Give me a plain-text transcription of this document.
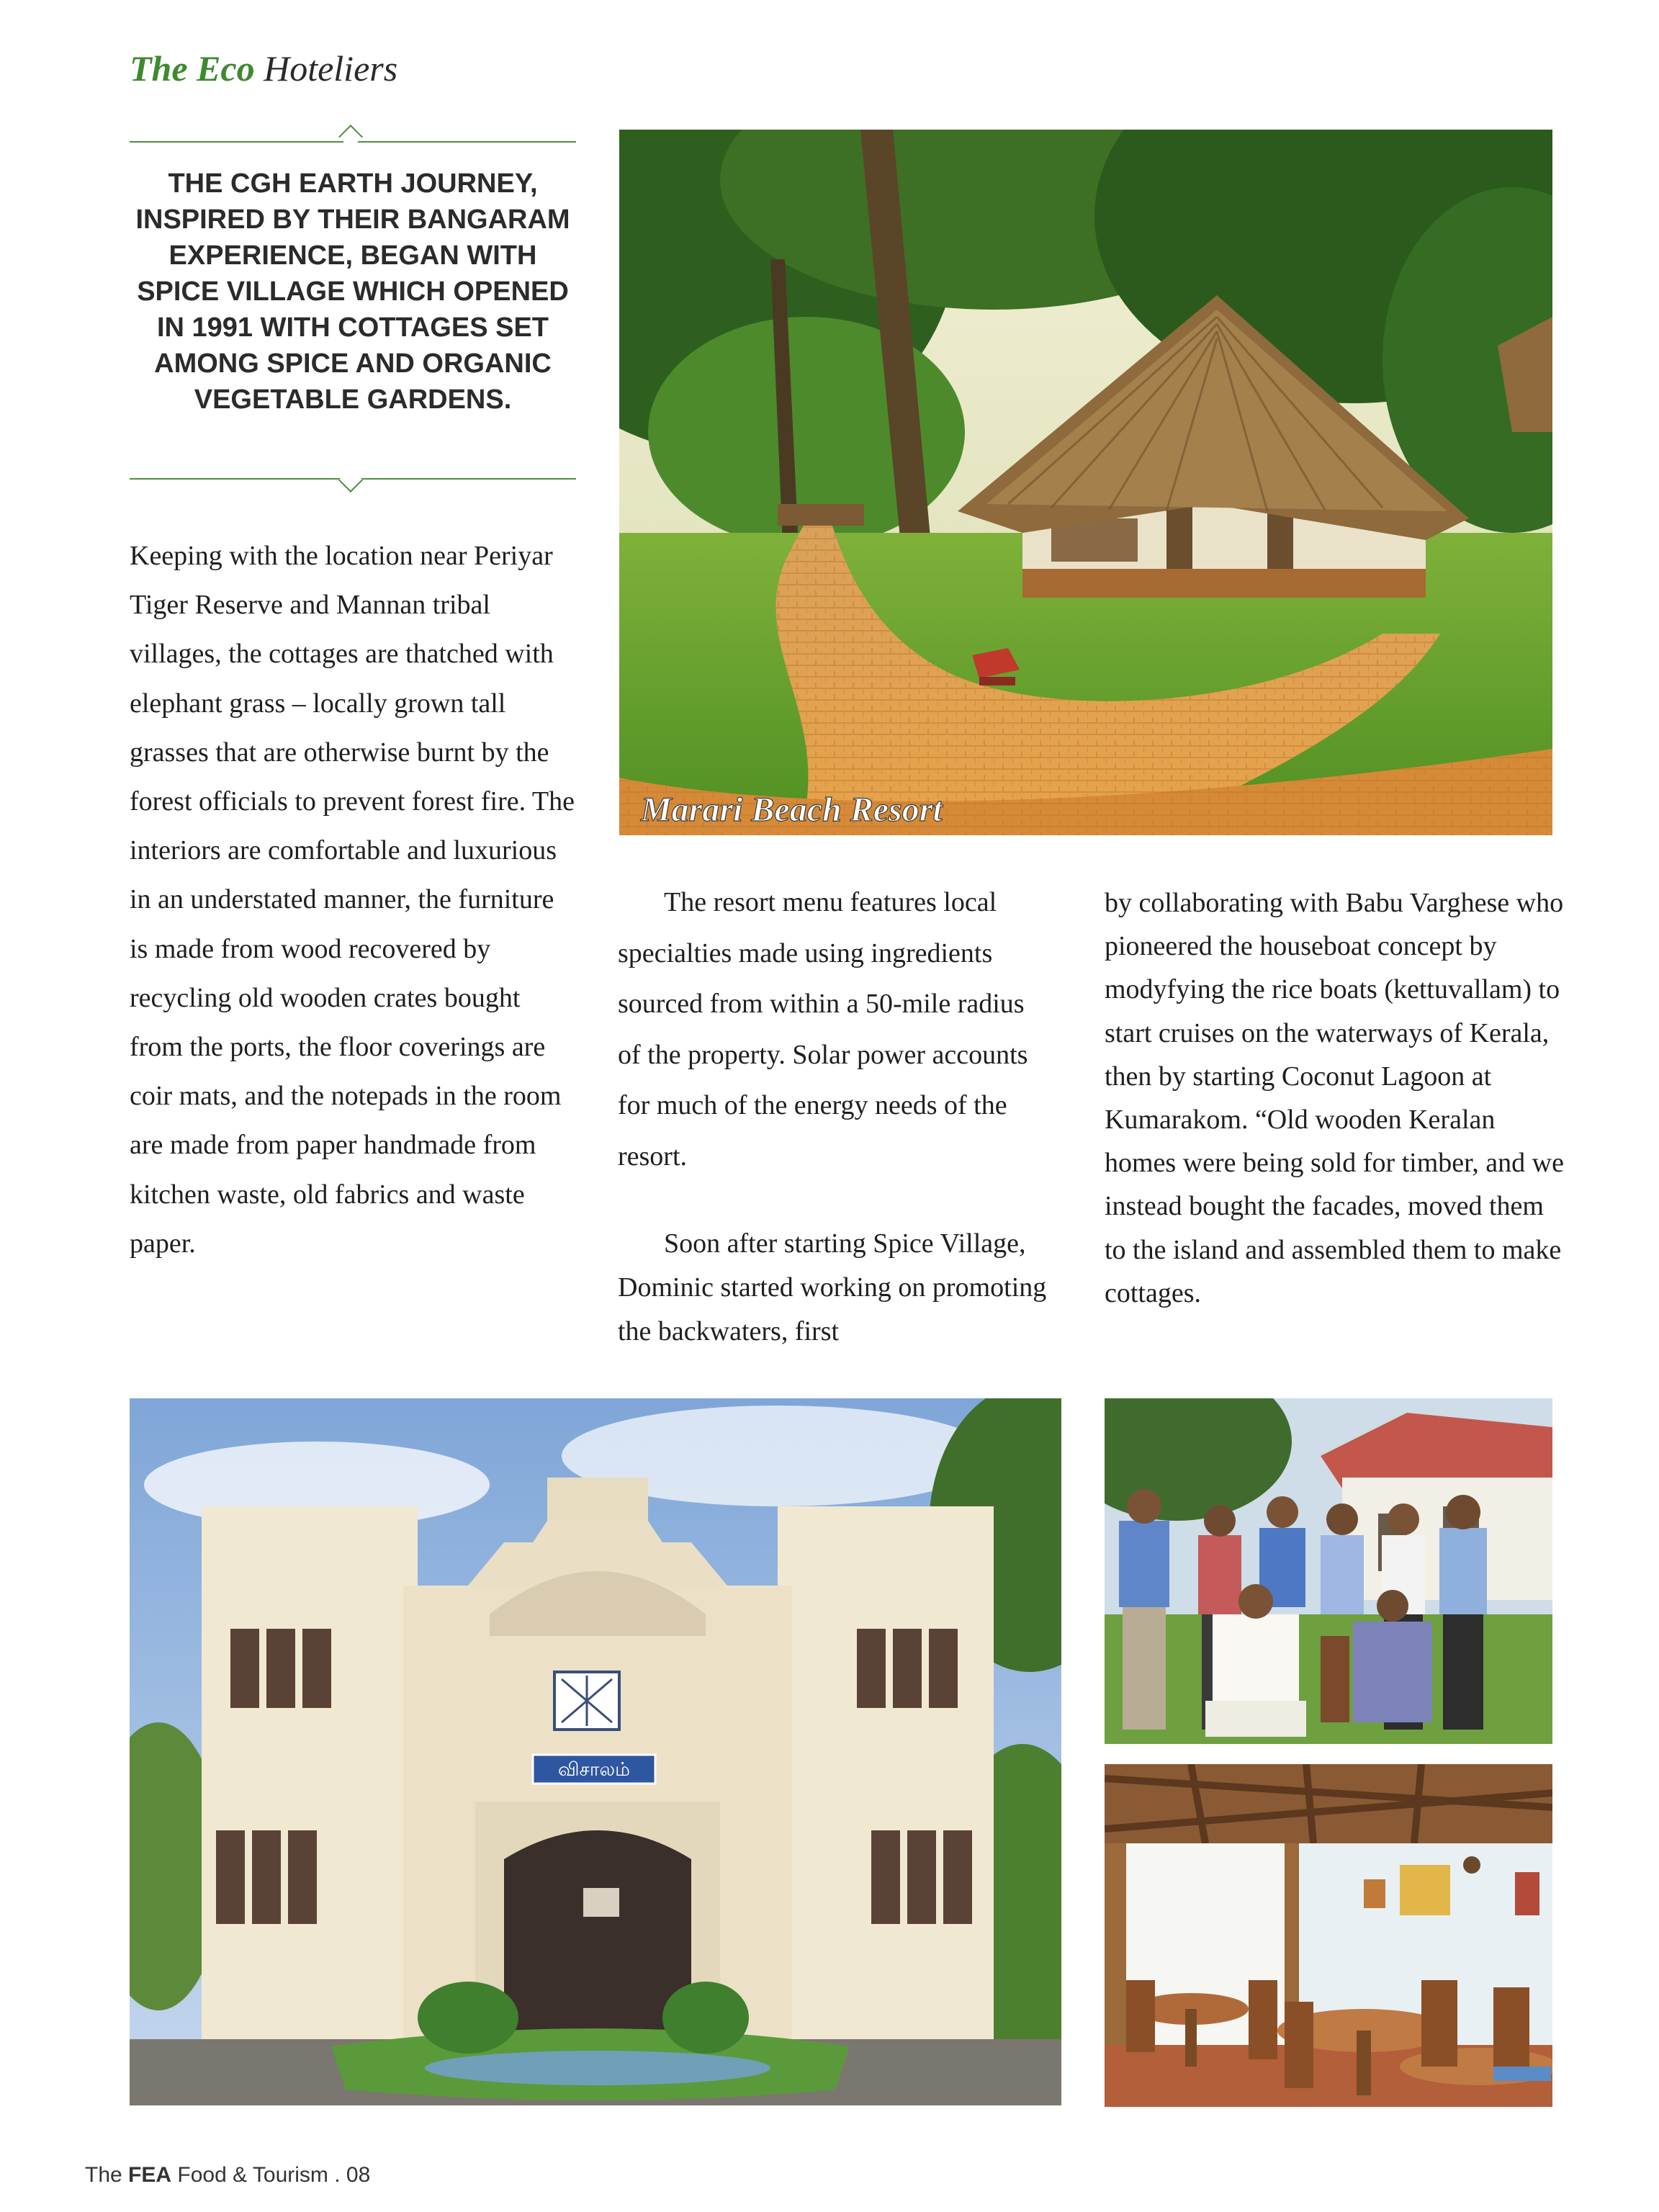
The Eco Hoteliers
THE CGH EARTH JOURNEY, INSPIRED BY THEIR BANGARAM EXPERIENCE, BEGAN WITH SPICE VILLAGE WHICH OPENED IN 1991 WITH COTTAGES SET AMONG SPICE AND ORGANIC VEGETABLE GARDENS.

Keeping with the location near Periyar Tiger Reserve and Mannan tribal villages, the cottages are thatched with elephant grass – locally grown tall grasses that are otherwise burnt by the forest officials to prevent forest fire. The interiors are comfortable and luxurious in an understated manner, the furniture is made from wood recovered by recycling old wooden crates bought from the ports, the floor coverings are coir mats, and the notepads in the room are made from paper handmade from kitchen waste, old fabrics and waste paper.

Marari Beach Resort

The resort menu features local specialties made using ingredients sourced from within a 50-mile radius of the property. Solar power accounts for much of the energy needs of the resort.

Soon after starting Spice Village, Dominic started working on promoting the backwaters, first

by collaborating with Babu Varghese who pioneered the houseboat concept by modyfying the rice boats (kettuvallam) to start cruises on the waterways of Kerala, then by starting Coconut Lagoon at Kumarakom. “Old wooden Keralan homes were being sold for timber, and we instead bought the facades, moved them to the island and assembled them to make cottages.

விசாலம்
The FEA Food & Tourism . 08
